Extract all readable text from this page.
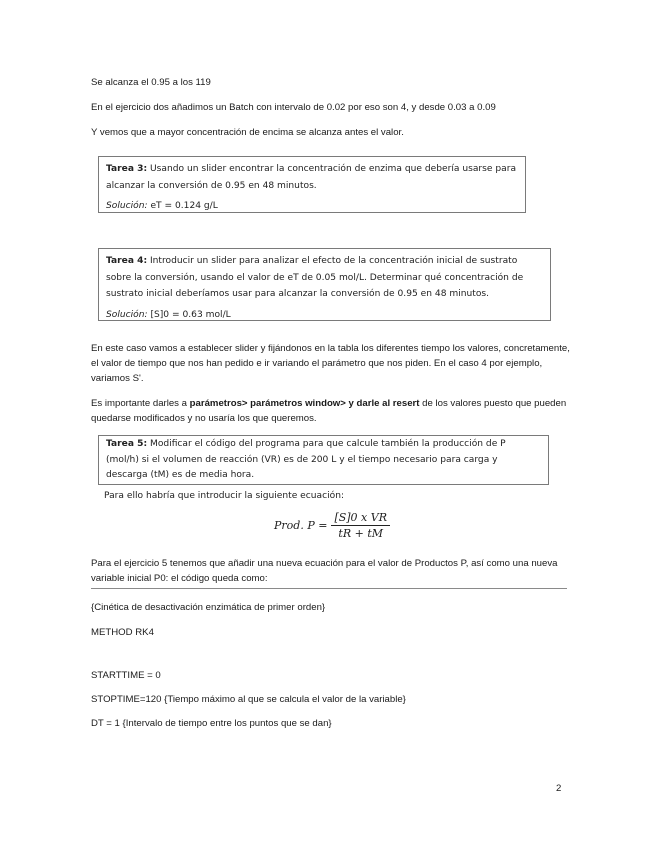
Se alcanza el 0.95 a los 119

En el ejercicio dos añadimos un Batch con intervalo de 0.02 por eso son 4, y desde 0.03 a 0.09

Y vemos que a mayor concentración de encima se alcanza antes el valor.

Tarea 3: Usando un slider encontrar la concentración de enzima que debería usarse para alcanzar la conversión de 0.95 en 48 minutos.
Solución: eT = 0.124 g/L
Tarea 4: Introducir un slider para analizar el efecto de la concentración inicial de sustrato sobre la conversión, usando el valor de eT de 0.05 mol/L. Determinar qué concentración de sustrato inicial deberíamos usar para alcanzar la conversión de 0.95 en 48 minutos.
Solución: [S]0 = 0.63 mol/L

En este caso vamos a establecer slider y fijándonos en la tabla los diferentes tiempo los valores, concretamente, el valor de tiempo que nos han pedido e ir variando el parámetro que nos piden. En el caso 4 por ejemplo, variamos S'.

Es importante darles a parámetros> parámetros window> y darle al resert de los valores puesto que pueden quedarse modificados y no usaría los que queremos.

Tarea 5: Modificar el código del programa para que calcule también la producción de P (mol/h) si el volumen de reacción (VR) es de 200 L y el tiempo necesario para carga y descarga (tM) es de media hora.
Para ello habría que introducir la siguiente ecuación:
Prod. $P = \frac{\text{[S]0 x VR}}{tR + tM}$

Para el ejercicio 5 tenemos que añadir una nueva ecuación para el valor de Productos P, así como una nueva variable inicial P0: el código queda como:

{Cinética de desactivación enzimática de primer orden}

METHOD RK4

STARTTIME = 0

STOPTIME=120 {Tiempo máximo al que se calcula el valor de la variable}

DT = 1 {Intervalo de tiempo entre los puntos que se dan}

2
